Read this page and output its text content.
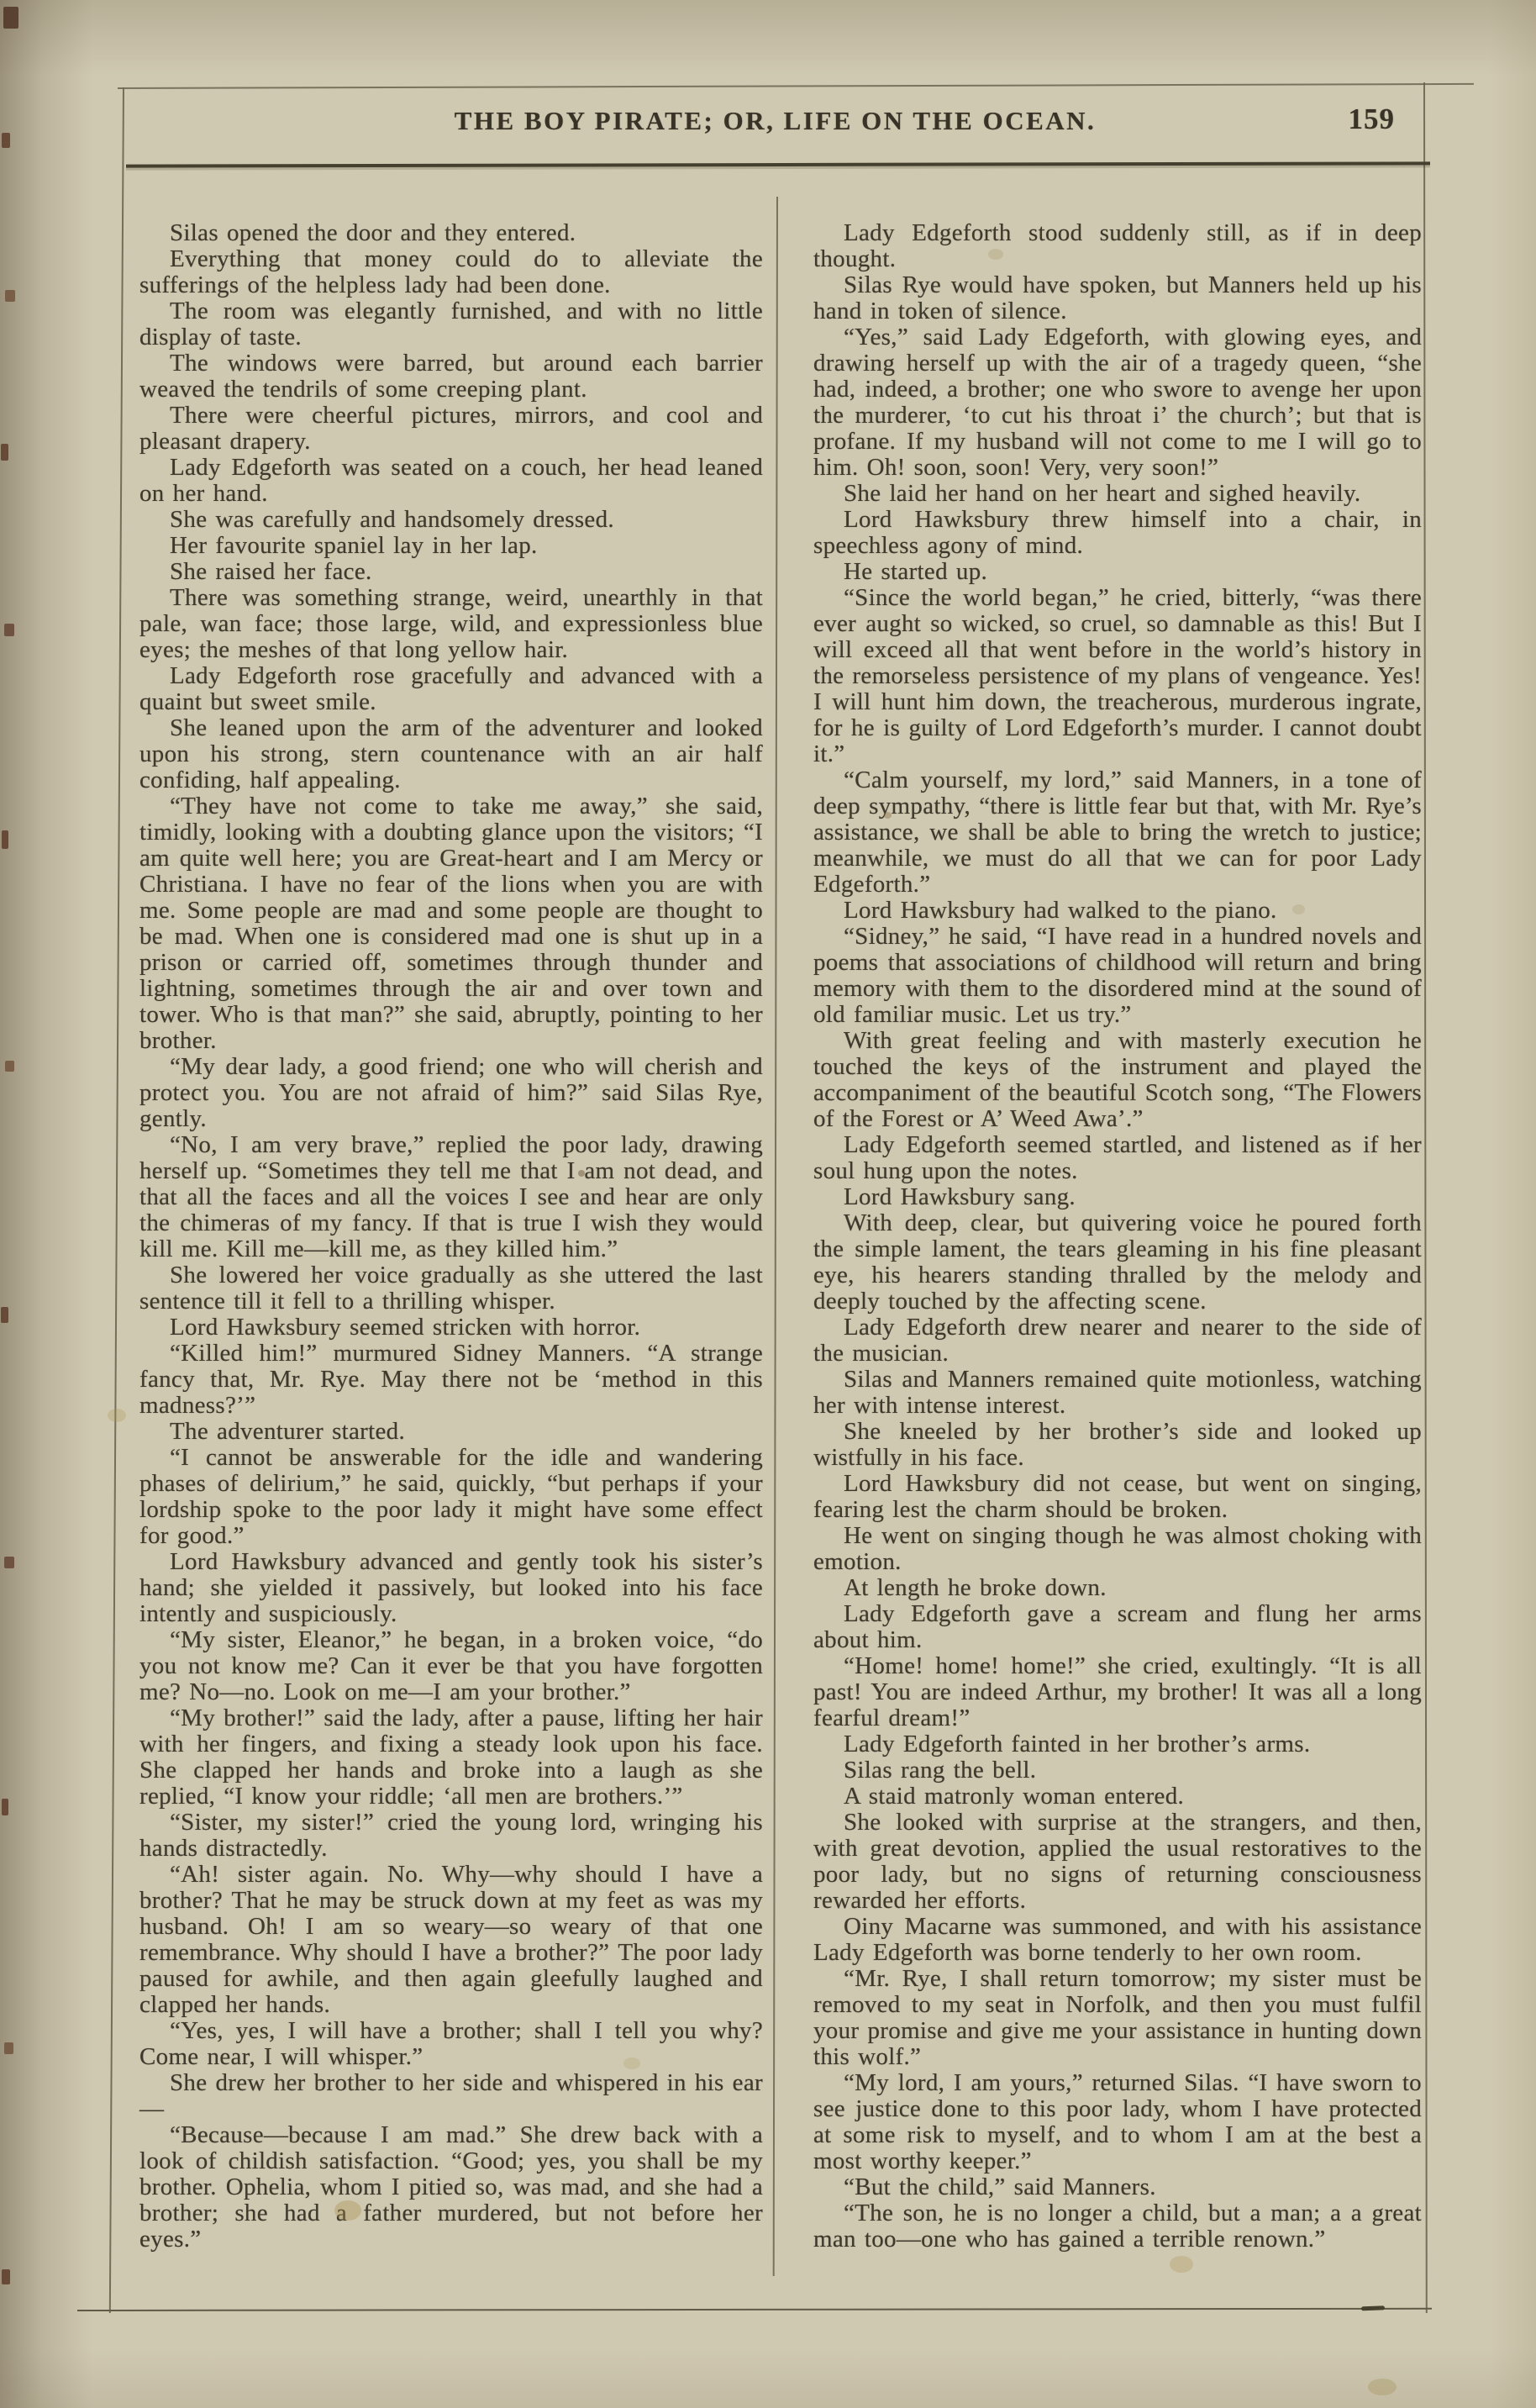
THE BOY PIRATE; OR, LIFE ON THE OCEAN.	159

Silas opened the door and they entered.

Everything that money could do to alleviate the sufferings of the helpless lady had been done.

The room was elegantly furnished, and with no little display of taste.

The windows were barred, but around each barrier weaved the tendrils of some creeping plant.

There were cheerful pictures, mirrors, and cool and pleasant drapery.

Lady Edgeforth was seated on a couch, her head leaned on her hand.

She was carefully and handsomely dressed.

Her favourite spaniel lay in her lap.

She raised her face.

There was something strange, weird, unearthly in that pale, wan face; those large, wild, and expressionless blue eyes; the meshes of that long yellow hair.

Lady Edgeforth rose gracefully and advanced with a quaint but sweet smile.

She leaned upon the arm of the adventurer and looked upon his strong, stern countenance with an air half confiding, half appealing.

“They have not come to take me away,” she said, timidly, looking with a doubting glance upon the visitors; “I am quite well here; you are Great-heart and I am Mercy or Christiana. I have no fear of the lions when you are with me. Some people are mad and some people are thought to be mad. When one is considered mad one is shut up in a prison or carried off, sometimes through thunder and lightning, sometimes through the air and over town and tower. Who is that man?” she said, abruptly, pointing to her brother.

“My dear lady, a good friend; one who will cherish and protect you. You are not afraid of him?” said Silas Rye, gently.

“No, I am very brave,” replied the poor lady, drawing herself up. “Sometimes they tell me that I am not dead, and that all the faces and all the voices I see and hear are only the chimeras of my fancy. If that is true I wish they would kill me. Kill me—kill me, as they killed him.”

She lowered her voice gradually as she uttered the last sentence till it fell to a thrilling whisper.

Lord Hawksbury seemed stricken with horror.

“Killed him!” murmured Sidney Manners. “A strange fancy that, Mr. Rye. May there not be ‘method in this madness?’”

The adventurer started.

“I cannot be answerable for the idle and wandering phases of delirium,” he said, quickly, “but perhaps if your lordship spoke to the poor lady it might have some effect for good.”

Lord Hawksbury advanced and gently took his sister’s hand; she yielded it passively, but looked into his face intently and suspiciously.

“My sister, Eleanor,” he began, in a broken voice, “do you not know me? Can it ever be that you have forgotten me? No—no. Look on me—I am your brother.”

“My brother!” said the lady, after a pause, lifting her hair with her fingers, and fixing a steady look upon his face. She clapped her hands and broke into a laugh as she replied, “I know your riddle; ‘all men are brothers.’”

“Sister, my sister!” cried the young lord, wringing his hands distractedly.

“Ah! sister again. No. Why—why should I have a brother? That he may be struck down at my feet as was my husband. Oh! I am so weary—so weary of that one remembrance. Why should I have a brother?” The poor lady paused for awhile, and then again gleefully laughed and clapped her hands.

“Yes, yes, I will have a brother; shall I tell you why? Come near, I will whisper.”

She drew her brother to her side and whispered in his ear—

“Because—because I am mad.” She drew back with a look of childish satisfaction. “Good; yes, you shall be my brother. Ophelia, whom I pitied so, was mad, and she had a brother; she had a father murdered, but not before her eyes.”

Lady Edgeforth stood suddenly still, as if in deep thought.

Silas Rye would have spoken, but Manners held up his hand in token of silence.

“Yes,” said Lady Edgeforth, with glowing eyes, and drawing herself up with the air of a tragedy queen, “she had, indeed, a brother; one who swore to avenge her upon the murderer, ‘to cut his throat i’ the church’; but that is profane. If my husband will not come to me I will go to him. Oh! soon, soon! Very, very soon!”

She laid her hand on her heart and sighed heavily.

Lord Hawksbury threw himself into a chair, in speechless agony of mind.

He started up.

“Since the world began,” he cried, bitterly, “was there ever aught so wicked, so cruel, so damnable as this! But I will exceed all that went before in the world’s history in the remorseless persistence of my plans of vengeance. Yes! I will hunt him down, the treacherous, murderous ingrate, for he is guilty of Lord Edgeforth’s murder. I cannot doubt it.”

“Calm yourself, my lord,” said Manners, in a tone of deep sympathy, “there is little fear but that, with Mr. Rye’s assistance, we shall be able to bring the wretch to justice; meanwhile, we must do all that we can for poor Lady Edgeforth.”

Lord Hawksbury had walked to the piano.

“Sidney,” he said, “I have read in a hundred novels and poems that associations of childhood will return and bring memory with them to the disordered mind at the sound of old familiar music. Let us try.”

With great feeling and with masterly execution he touched the keys of the instrument and played the accompaniment of the beautiful Scotch song, “The Flowers of the Forest or A’ Weed Awa’.”

Lady Edgeforth seemed startled, and listened as if her soul hung upon the notes.

Lord Hawksbury sang.

With deep, clear, but quivering voice he poured forth the simple lament, the tears gleaming in his fine pleasant eye, his hearers standing thralled by the melody and deeply touched by the affecting scene.

Lady Edgeforth drew nearer and nearer to the side of the musician.

Silas and Manners remained quite motionless, watching her with intense interest.

She kneeled by her brother’s side and looked up wistfully in his face.

Lord Hawksbury did not cease, but went on singing, fearing lest the charm should be broken.

He went on singing though he was almost choking with emotion.

At length he broke down.

Lady Edgeforth gave a scream and flung her arms about him.

“Home! home! home!” she cried, exultingly. “It is all past! You are indeed Arthur, my brother! It was all a long fearful dream!”

Lady Edgeforth fainted in her brother’s arms.

Silas rang the bell.

A staid matronly woman entered.

She looked with surprise at the strangers, and then, with great devotion, applied the usual restoratives to the poor lady, but no signs of returning consciousness rewarded her efforts.

Oiny Macarne was summoned, and with his assistance Lady Edgeforth was borne tenderly to her own room.

“Mr. Rye, I shall return tomorrow; my sister must be removed to my seat in Norfolk, and then you must fulfil your promise and give me your assistance in hunting down this wolf.”

“My lord, I am yours,” returned Silas. “I have sworn to see justice done to this poor lady, whom I have protected at some risk to myself, and to whom I am at the best a most worthy keeper.”

“But the child,” said Manners.

“The son, he is no longer a child, but a man; a a great man too—one who has gained a terrible renown.”
